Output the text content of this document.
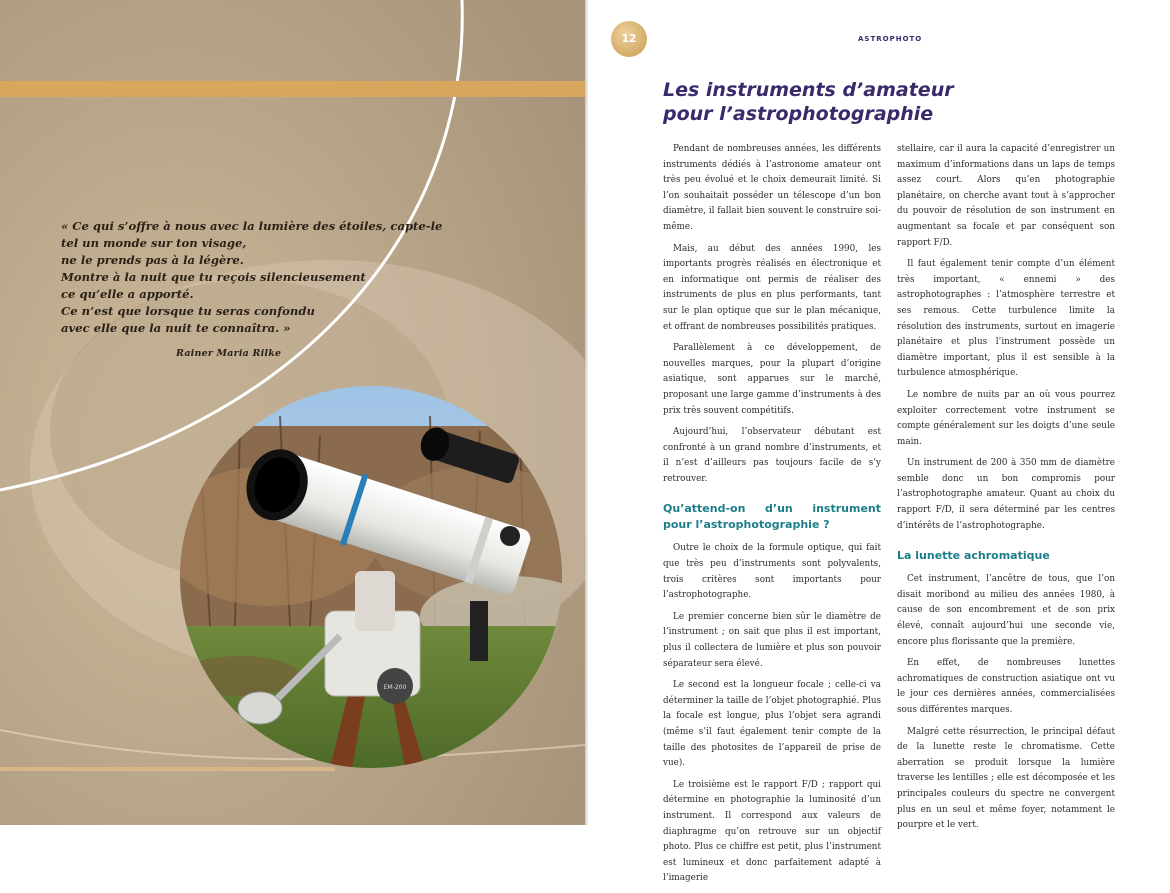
« Ce qui s’offre à nous avec la lumière des étoiles, capte-le
tel un monde sur ton visage,
ne le prends pas à la légère.
Montre à la nuit que tu reçois silencieusement
ce qu’elle a apporté.
Ce n’est que lorsque tu seras confondu
avec elle que la nuit te connaîtra. »
Rainer Maria Rilke
EM-200
12	ASTROPHOTO
Les instruments d’amateur
pour l’astrophotographie

Pendant de nombreuses années, les différents instruments dédiés à l’astronome amateur ont très peu évolué et le choix demeurait limité. Si l’on souhaitait posséder un télescope d’un bon diamètre, il fallait bien souvent le construire soi-même.

Mais, au début des années 1990, les importants progrès réalisés en électronique et en informatique ont permis de réaliser des instruments de plus en plus performants, tant sur le plan optique que sur le plan mécanique, et offrant de nombreuses possibilités pratiques.

Parallèlement à ce développement, de nouvelles marques, pour la plupart d’origine asiatique, sont apparues sur le marché, proposant une large gamme d’instruments à des prix très souvent compétitifs.

Aujourd’hui, l’observateur débutant est confronté à un grand nombre d’instruments, et il n’est d’ailleurs pas toujours facile de s’y retrouver.

Qu’attend-on d’un instrument pour l’astrophotographie ?

Outre le choix de la formule optique, qui fait que très peu d’instruments sont polyvalents, trois critères sont importants pour l’astrophotographe.

Le premier concerne bien sûr le diamètre de l’instrument ; on sait que plus il est important, plus il collectera de lumière et plus son pouvoir séparateur sera élevé.

Le second est la longueur focale ; celle-ci va déterminer la taille de l’objet photographié. Plus la focale est longue, plus l’objet sera agrandi (même s’il faut également tenir compte de la taille des photosites de l’appareil de prise de vue).

Le troisième est le rapport F/D ; rapport qui détermine en photographie la luminosité d’un instrument. Il correspond aux valeurs de diaphragme qu’on retrouve sur un objectif photo. Plus ce chiffre est petit, plus l’instrument est lumineux et donc parfaitement adapté à l’imagerie

stellaire, car il aura la capacité d’enregistrer un maximum d’informations dans un laps de temps assez court. Alors qu’en photographie planétaire, on cherche avant tout à s’approcher du pouvoir de résolution de son instrument en augmentant sa focale et par conséquent son rapport F/D.

Il faut également tenir compte d’un élément très important, « ennemi » des astrophotographes : l’atmosphère terrestre et ses remous. Cette turbulence limite la résolution des instruments, surtout en imagerie planétaire et plus l’instrument possède un diamètre important, plus il est sensible à la turbulence atmosphérique.

Le nombre de nuits par an où vous pourrez exploiter correctement votre instrument se compte généralement sur les doigts d’une seule main.

Un instrument de 200 à 350 mm de diamètre semble donc un bon compromis pour l’astrophotographe amateur. Quant au choix du rapport F/D, il sera déterminé par les centres d’intérêts de l’astrophotographe.

La lunette achromatique

Cet instrument, l’ancêtre de tous, que l’on disait moribond au milieu des années 1980, à cause de son encombrement et de son prix élevé, connaît aujourd’hui une seconde vie, encore plus florissante que la première.

En effet, de nombreuses lunettes achromatiques de construction asiatique ont vu le jour ces dernières années, commercialisées sous différentes marques.

Malgré cette résurrection, le principal défaut de la lunette reste le chromatisme. Cette aberration se produit lorsque la lumière traverse les lentilles ; elle est décomposée et les principales couleurs du spectre ne convergent plus en un seul et même foyer, notamment le pourpre et le vert.
